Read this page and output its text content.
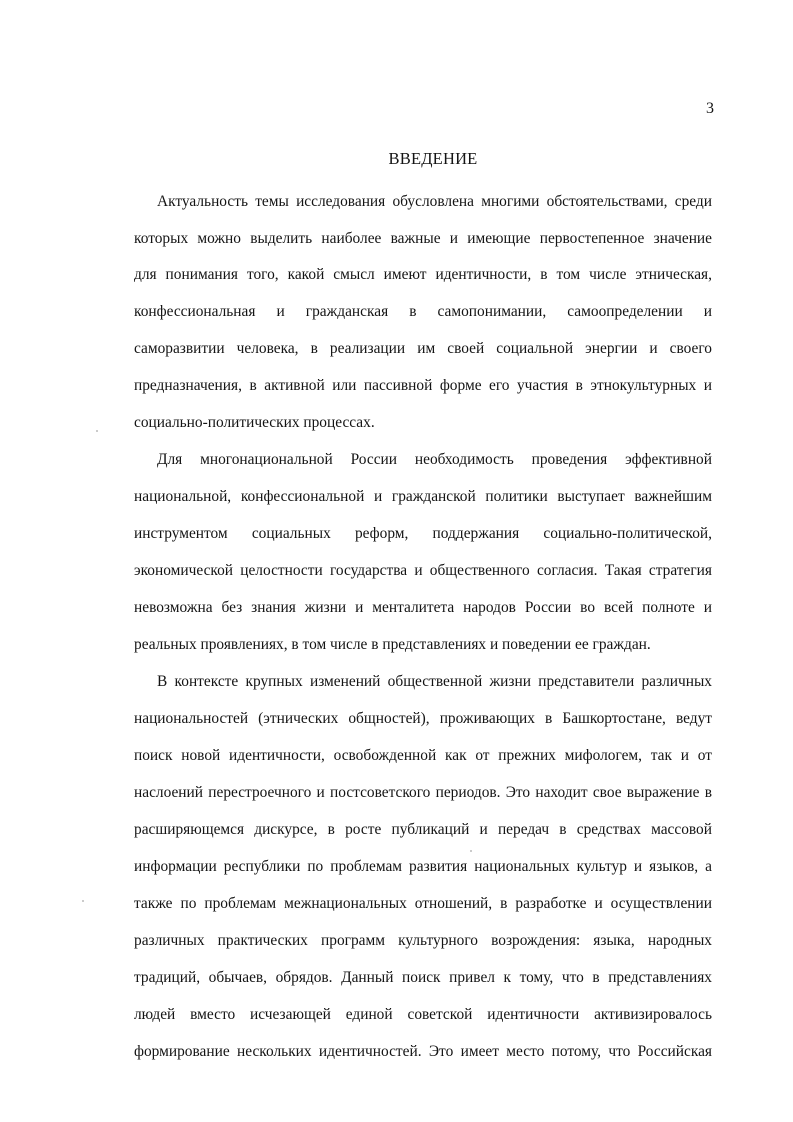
3
ВВЕДЕНИЕ
Актуальность темы исследования обусловлена многими обстоятельствами, среди
которых можно выделить наиболее важные и имеющие первостепенное значение
для понимания того, какой смысл имеют идентичности, в том числе этническая,
конфессиональная и гражданская в самопонимании, самоопределении и
саморазвитии человека, в реализации им своей социальной энергии и своего
предназначения, в активной или пассивной форме его участия в этнокультурных и
социально-политических процессах.
Для многонациональной России необходимость проведения эффективной
национальной, конфессиональной и гражданской политики выступает важнейшим
инструментом социальных реформ, поддержания социально-политической,
экономической целостности государства и общественного согласия. Такая стратегия
невозможна без знания жизни и менталитета народов России во всей полноте и
реальных проявлениях, в том числе в представлениях и поведении ее граждан.
В контексте крупных изменений общественной жизни представители различных
национальностей (этнических общностей), проживающих в Башкортостане, ведут
поиск новой идентичности, освобожденной как от прежних мифологем, так и от
наслоений перестроечного и постсоветского периодов. Это находит свое выражение в
расширяющемся дискурсе, в росте публикаций и передач в средствах массовой
информации республики по проблемам развития национальных культур и языков, а
также по проблемам межнациональных отношений, в разработке и осуществлении
различных практических программ культурного возрождения: языка, народных
традиций, обычаев, обрядов. Данный поиск привел к тому, что в представлениях
людей вместо исчезающей единой советской идентичности активизировалось
формирование нескольких идентичностей. Это имеет место потому, что Российская
